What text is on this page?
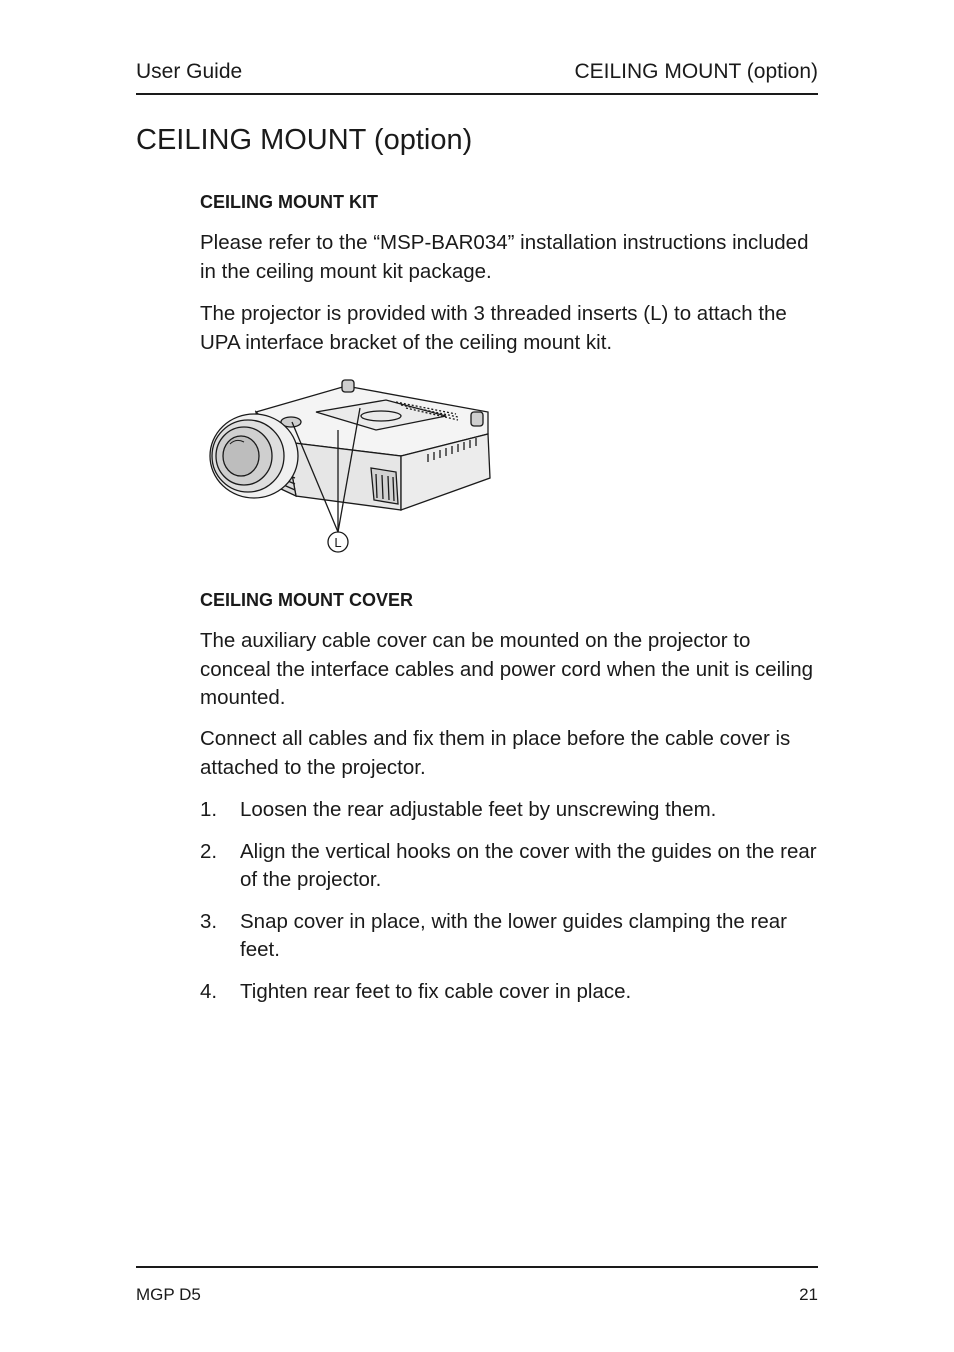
User Guide	CEILING MOUNT (option)
CEILING MOUNT (option)
CEILING MOUNT KIT
Please refer to the “MSP-BAR034” installation instructions included in the ceiling mount kit package.
The projector is provided with 3 threaded inserts (L) to attach the UPA interface bracket of the ceiling mount kit.
L
CEILING MOUNT COVER
The auxiliary cable cover can be mounted on the projector to conceal the interface cables and power cord when the unit is ceiling mounted.
Connect all cables and fix them in place before the cable cover is attached to the projector.
1. Loosen the rear adjustable feet by unscrewing them.
2. Align the vertical hooks on the cover with the guides on the rear of the projector.
3. Snap cover in place, with the lower guides clamping the rear feet.
4. Tighten rear feet to fix cable cover in place.
MGP D5	21
